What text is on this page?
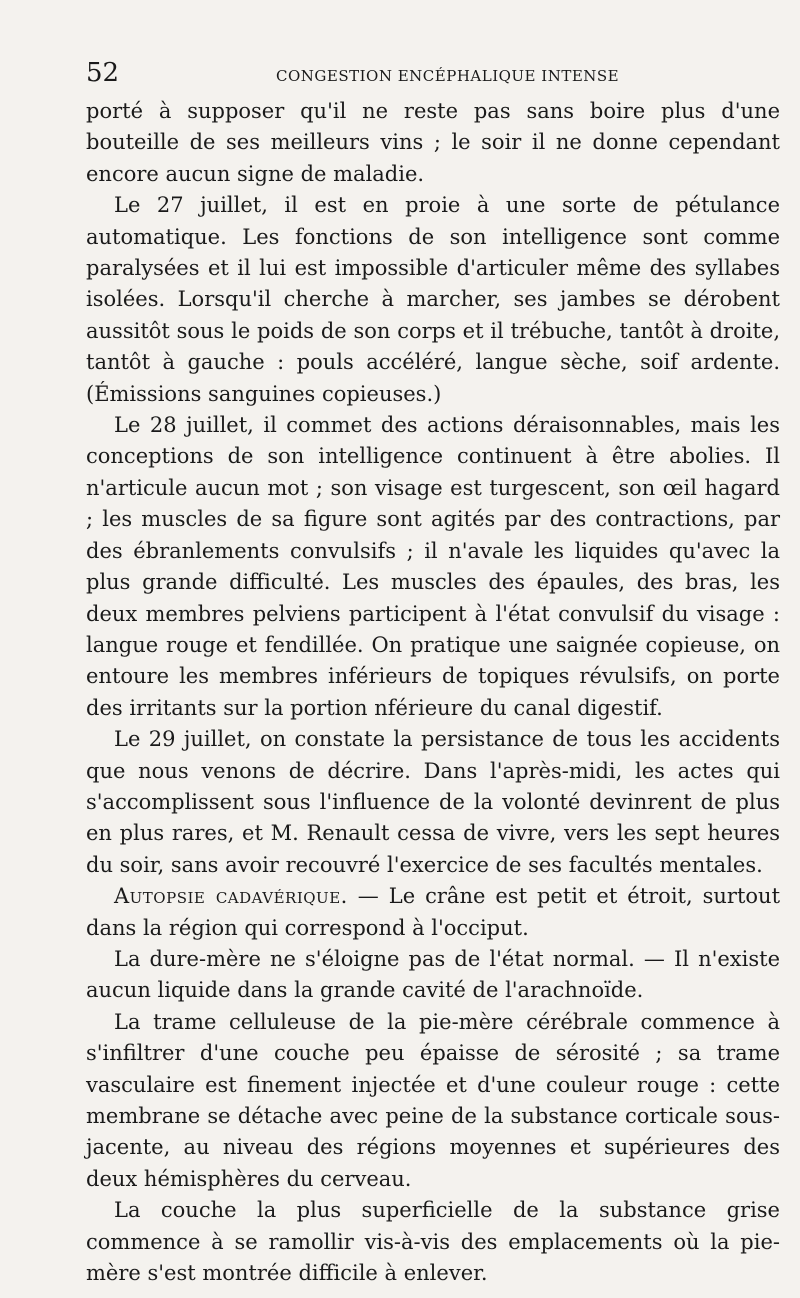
52	CONGESTION ENCÉPHALIQUE INTENSE

porté à supposer qu'il ne reste pas sans boire plus d'une bouteille de ses meilleurs vins ; le soir il ne donne cependant encore aucun signe de maladie.

Le 27 juillet, il est en proie à une sorte de pétulance automatique. Les fonctions de son intelligence sont comme paralysées et il lui est impossible d'articuler même des syllabes isolées. Lorsqu'il cherche à marcher, ses jambes se dérobent aussitôt sous le poids de son corps et il trébuche, tantôt à droite, tantôt à gauche : pouls accéléré, langue sèche, soif ardente. (Émissions sanguines copieuses.)

Le 28 juillet, il commet des actions déraisonnables, mais les conceptions de son intelligence continuent à être abolies. Il n'articule aucun mot ; son visage est turgescent, son œil hagard ; les muscles de sa figure sont agités par des contractions, par des ébranlements convulsifs ; il n'avale les liquides qu'avec la plus grande difficulté. Les muscles des épaules, des bras, les deux membres pelviens participent à l'état convulsif du visage : langue rouge et fendillée. On pratique une saignée copieuse, on entoure les membres inférieurs de topiques révulsifs, on porte des irritants sur la portion nférieure du canal digestif.

Le 29 juillet, on constate la persistance de tous les accidents que nous venons de décrire. Dans l'après-midi, les actes qui s'accomplissent sous l'influence de la volonté devinrent de plus en plus rares, et M. Renault cessa de vivre, vers les sept heures du soir, sans avoir recouvré l'exercice de ses facultés mentales.

Autopsie cadavérique. — Le crâne est petit et étroit, surtout dans la région qui correspond à l'occiput.

La dure-mère ne s'éloigne pas de l'état normal. — Il n'existe aucun liquide dans la grande cavité de l'arachnoïde.

La trame celluleuse de la pie-mère cérébrale commence à s'infiltrer d'une couche peu épaisse de sérosité ; sa trame vasculaire est finement injectée et d'une couleur rouge : cette membrane se détache avec peine de la substance corticale sous-jacente, au niveau des régions moyennes et supérieures des deux hémisphères du cerveau.

La couche la plus superficielle de la substance grise commence à se ramollir vis-à-vis des emplacements où la pie-mère s'est montrée difficile à enlever.
